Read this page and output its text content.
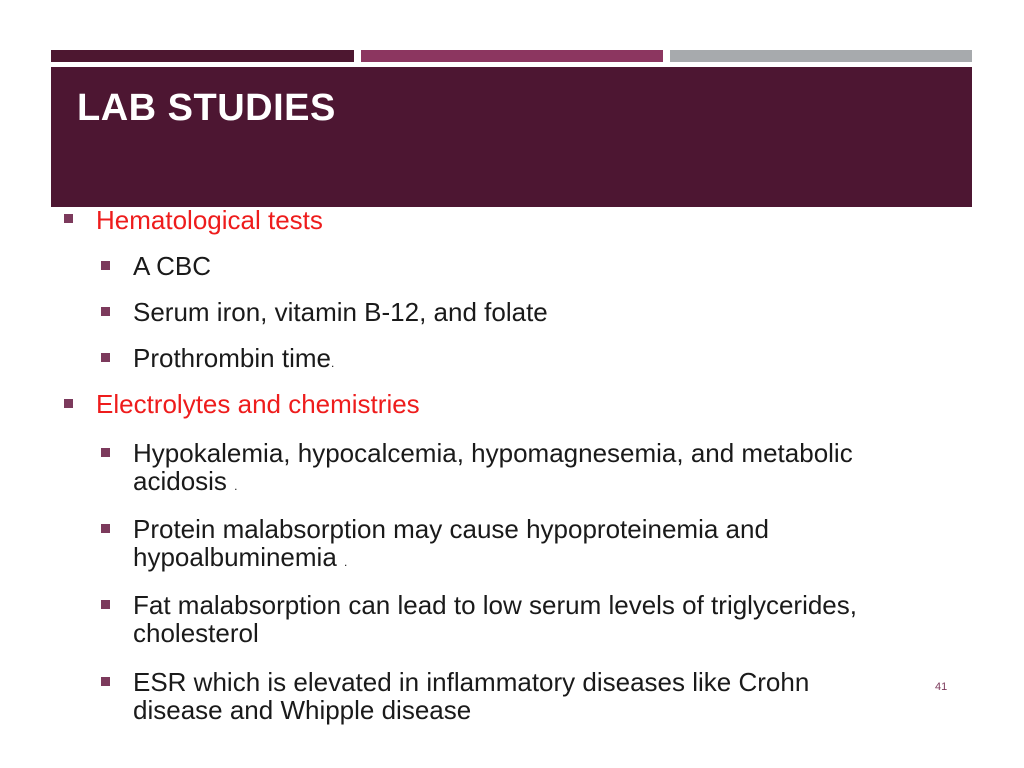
LAB STUDIES

Hematological tests

A CBC

Serum iron, vitamin B-12, and folate

Prothrombin time.

Electrolytes and chemistries

Hypokalemia, hypocalcemia, hypomagnesemia, and metabolic

acidosis .

Protein malabsorption may cause hypoproteinemia and

hypoalbuminemia .

Fat malabsorption can lead to low serum levels of triglycerides,

cholesterol

ESR which is elevated in inflammatory diseases like Crohn

disease and Whipple disease

41
